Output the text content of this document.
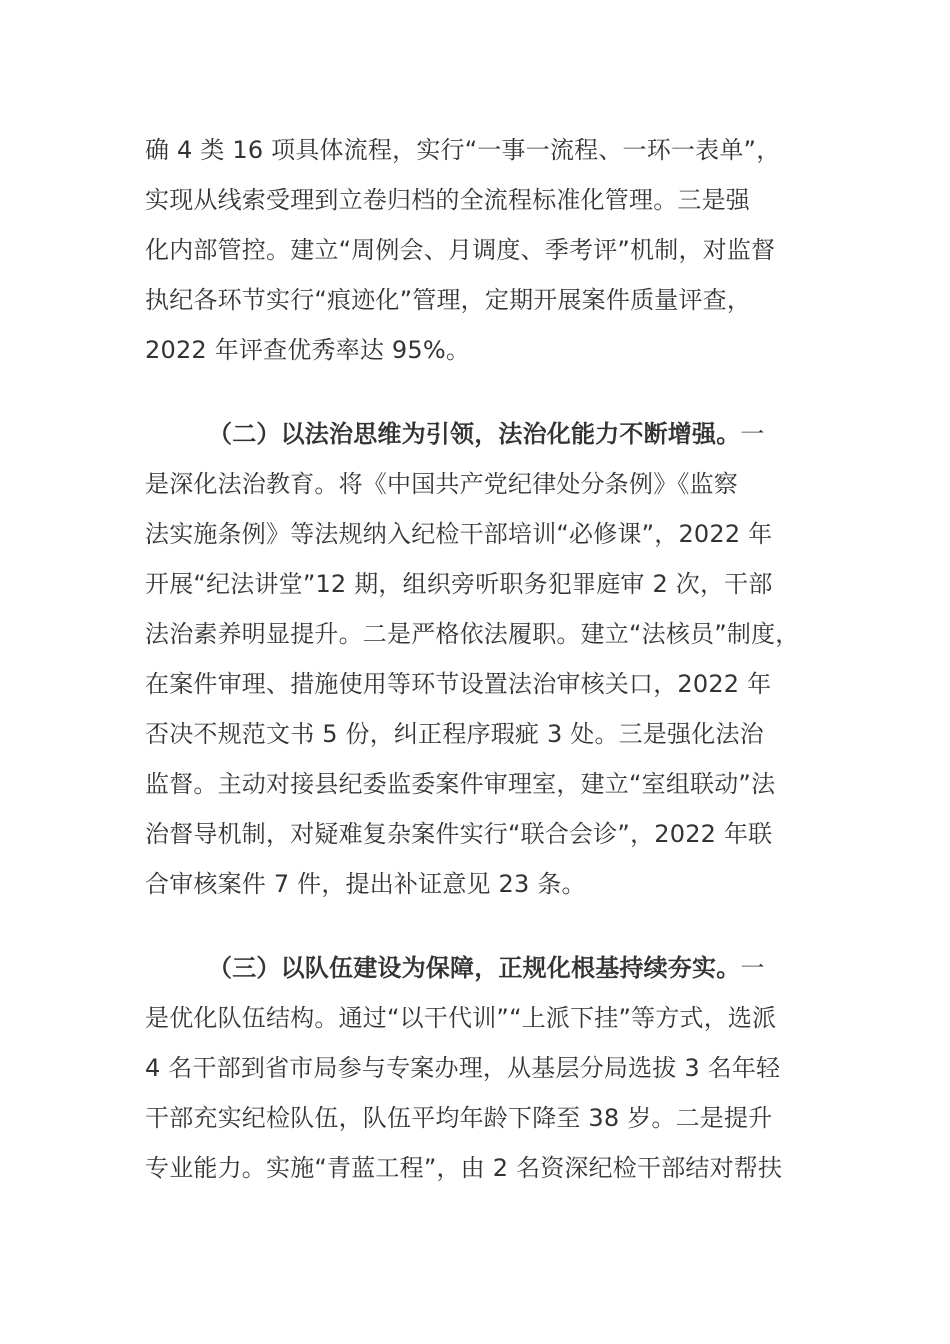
确 4 类 16 项具体流程，实行“一事一流程、一环一表单”，

实现从线索受理到立卷归档的全流程标准化管理。三是强

化内部管控。建立“周例会、月调度、季考评”机制，对监督

执纪各环节实行“痕迹化”管理，定期开展案件质量评查，

2022 年评查优秀率达 95%。

（二）以法治思维为引领，法治化能力不断增强。一

是深化法治教育。将《中国共产党纪律处分条例》《监察

法实施条例》等法规纳入纪检干部培训“必修课”，2022 年

开展“纪法讲堂”12 期，组织旁听职务犯罪庭审 2 次，干部

法治素养明显提升。二是严格依法履职。建立“法核员”制度，

在案件审理、措施使用等环节设置法治审核关口，2022 年

否决不规范文书 5 份，纠正程序瑕疵 3 处。三是强化法治

监督。主动对接县纪委监委案件审理室，建立“室组联动”法

治督导机制，对疑难复杂案件实行“联合会诊”，2022 年联

合审核案件 7 件，提出补证意见 23 条。

（三）以队伍建设为保障，正规化根基持续夯实。一

是优化队伍结构。通过“以干代训”“上派下挂”等方式，选派

4 名干部到省市局参与专案办理，从基层分局选拔 3 名年轻

干部充实纪检队伍，队伍平均年龄下降至 38 岁。二是提升

专业能力。实施“青蓝工程”，由 2 名资深纪检干部结对帮扶
